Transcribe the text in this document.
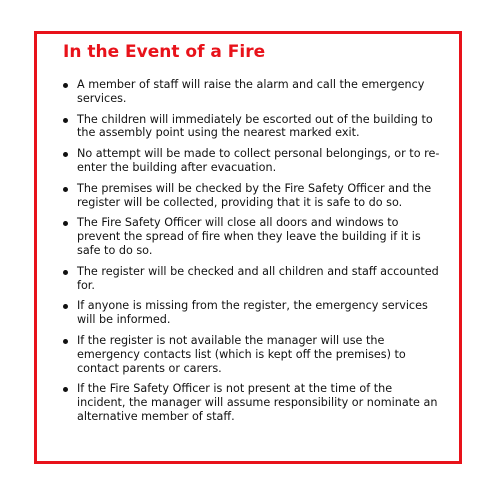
In the Event of a Fire
A member of staff will raise the alarm and call the emergency services.
The children will immediately be escorted out of the building to the assembly point using the nearest marked exit.
No attempt will be made to collect personal belongings, or to re-enter the building after evacuation.
The premises will be checked by the Fire Safety Officer and the register will be collected, providing that it is safe to do so.
The Fire Safety Officer will close all doors and windows to prevent the spread of fire when they leave the building if it is safe to do so.
The register will be checked and all children and staff accounted for.
If anyone is missing from the register, the emergency services will be informed.
If the register is not available the manager will use the emergency contacts list (which is kept off the premises) to contact parents or carers.
If the Fire Safety Officer is not present at the time of the incident, the manager will assume responsibility or nominate an alternative member of staff.
